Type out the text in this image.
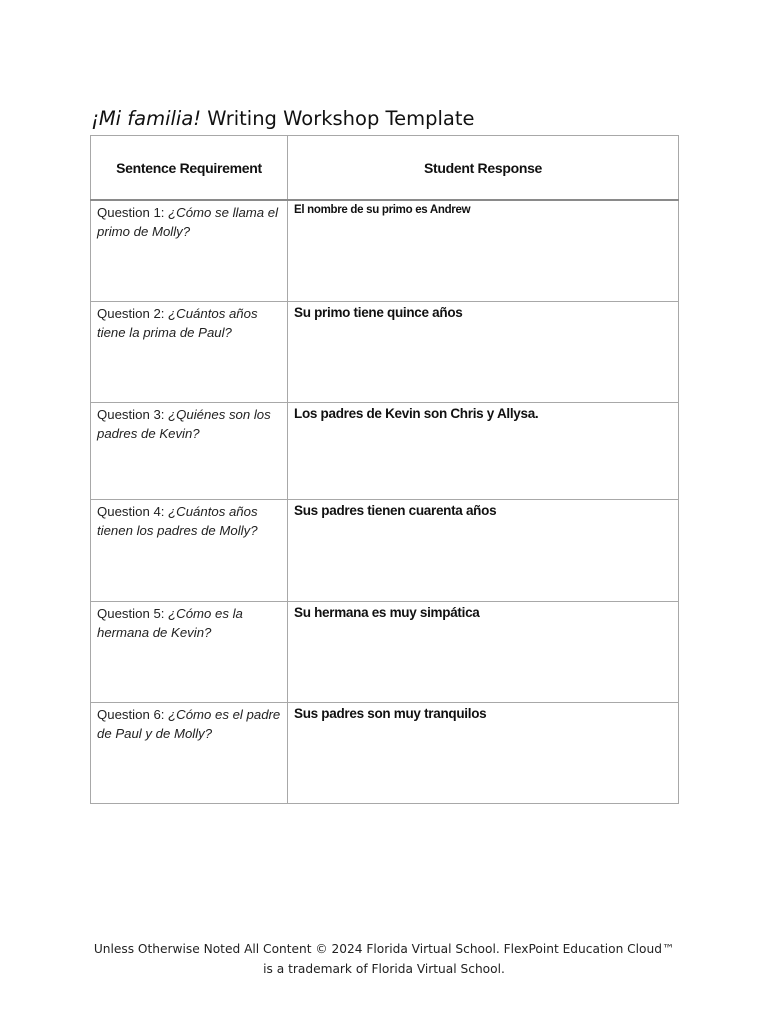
¡Mi familia! Writing Workshop Template
Sentence Requirement	Student Response

Question 1: ¿Cómo se llama el primo de Molly?	El nombre de su primo es Andrew

Question 2: ¿Cuántos años tiene la prima de Paul?	Su primo tiene quince años

Question 3: ¿Quiénes son los padres de Kevin?	Los padres de Kevin son Chris y Allysa.

Question 4: ¿Cuántos años tienen los padres de Molly?	Sus padres tienen cuarenta años

Question 5: ¿Cómo es la hermana de Kevin?	Su hermana es muy simpática

Question 6: ¿Cómo es el padre de Paul y de Molly?	Sus padres son muy tranquilos
Unless Otherwise Noted All Content © 2024 Florida Virtual School. FlexPoint Education Cloud™
is a trademark of Florida Virtual School.
